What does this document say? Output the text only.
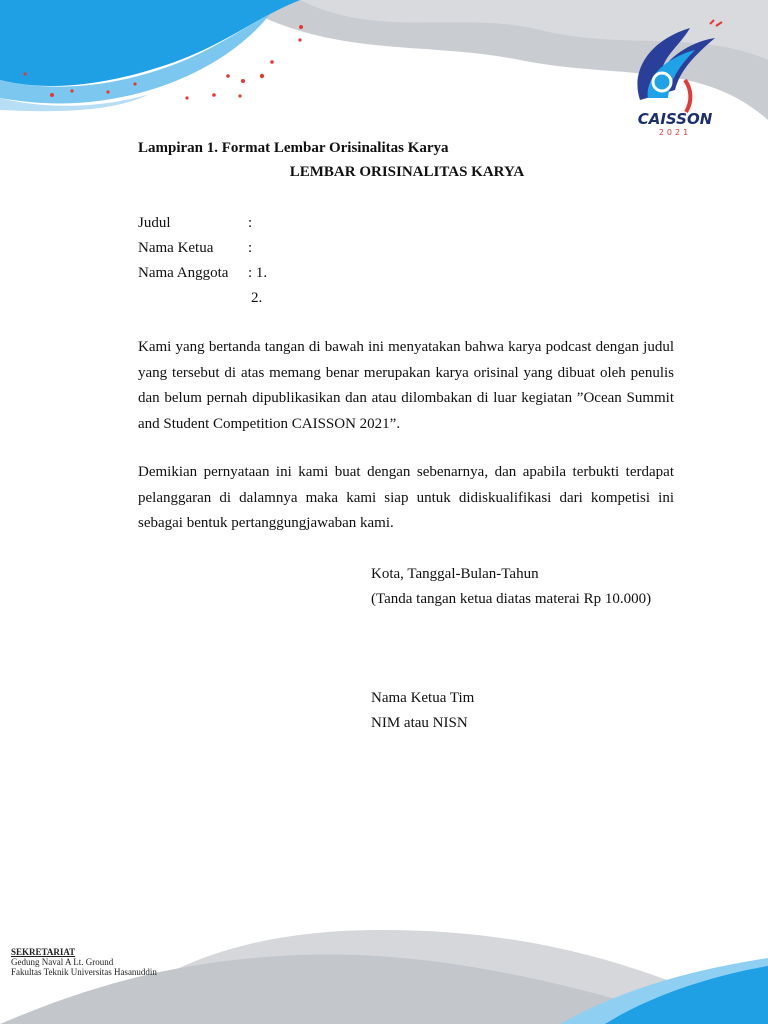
CAISSON
2021
Lampiran 1. Format Lembar Orisinalitas Karya
LEMBAR ORISINALITAS KARYA
Judul	:
Nama Ketua :
Nama Anggota : 1.
2.

Kami yang bertanda tangan di bawah ini menyatakan bahwa karya podcast dengan judul yang tersebut di atas memang benar merupakan karya orisinal yang dibuat oleh penulis dan belum pernah dipublikasikan dan atau dilombakan di luar kegiatan ”Ocean Summit and Student Competition CAISSON 2021”.

Demikian pernyataan ini kami buat dengan sebenarnya, dan apabila terbukti terdapat pelanggaran di dalamnya maka kami siap untuk didiskualifikasi dari kompetisi ini sebagai bentuk pertanggungjawaban kami.

Kota, Tanggal-Bulan-Tahun
(Tanda tangan ketua diatas materai Rp 10.000)
Nama Ketua Tim
NIM atau NISN
SEKRETARIAT
Gedung Naval A Lt. Ground
Fakultas Teknik Universitas Hasanuddin
